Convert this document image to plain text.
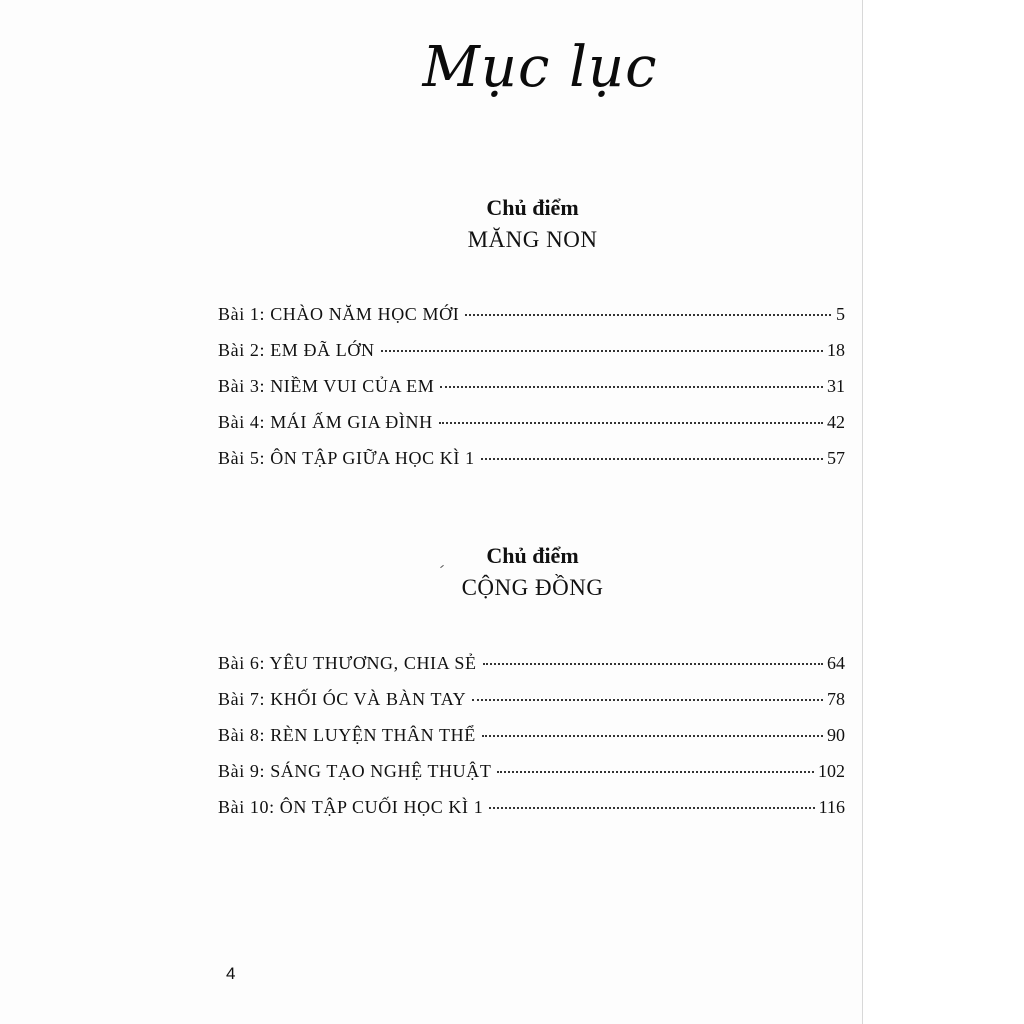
Mục lục
Chủ điểm
MĂNG NON
Bài 1: CHÀO NĂM HỌC MỚI	5
Bài 2: EM ĐÃ LỚN	18
Bài 3: NIỀM VUI CỦA EM	31
Bài 4: MÁI ẤM GIA ĐÌNH	42
Bài 5: ÔN TẬP GIỮA HỌC KÌ 1	57
Chủ điểm
CỘNG ĐỒNG
Bài 6: YÊU THƯƠNG, CHIA SẺ	64
Bài 7: KHỐI ÓC VÀ BÀN TAY	78
Bài 8: RÈN LUYỆN THÂN THỂ	90
Bài 9: SÁNG TẠO NGHỆ THUẬT	102
Bài 10: ÔN TẬP CUỐI HỌC KÌ 1	116
4
